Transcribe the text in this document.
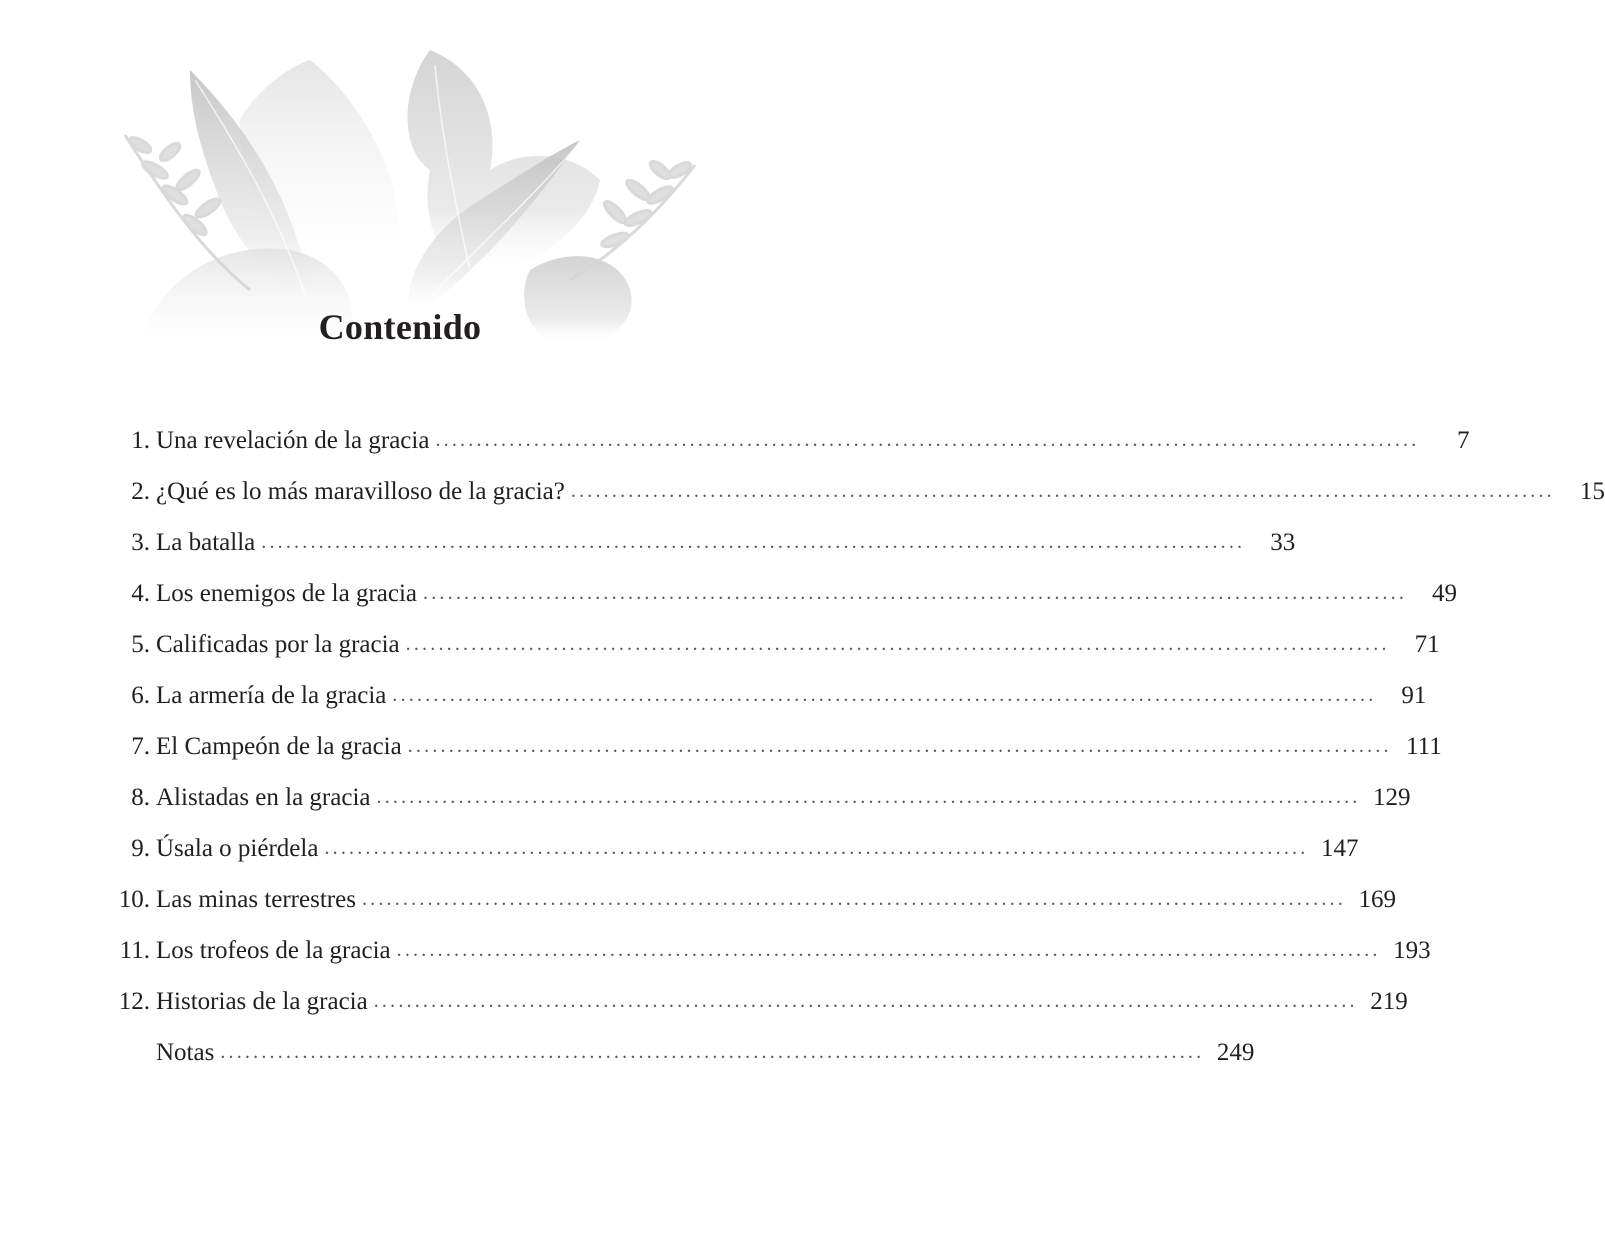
Contenido
1. Una revelación de la gracia ........................................................................................................................	7
2. ¿Qué es lo más maravilloso de la gracia? ........................................................................................................................	15
3. La batalla ........................................................................................................................	33
4. Los enemigos de la gracia ........................................................................................................................	49
5. Calificadas por la gracia ........................................................................................................................	71
6. La armería de la gracia ........................................................................................................................	91
7. El Campeón de la gracia ........................................................................................................................ 111
8. Alistadas en la gracia ........................................................................................................................ 129
9. Úsala o piérdela ........................................................................................................................ 147
10. Las minas terrestres ........................................................................................................................ 169
11. Los trofeos de la gracia ........................................................................................................................ 193
12. Historias de la gracia ........................................................................................................................ 219
Notas ........................................................................................................................ 249
